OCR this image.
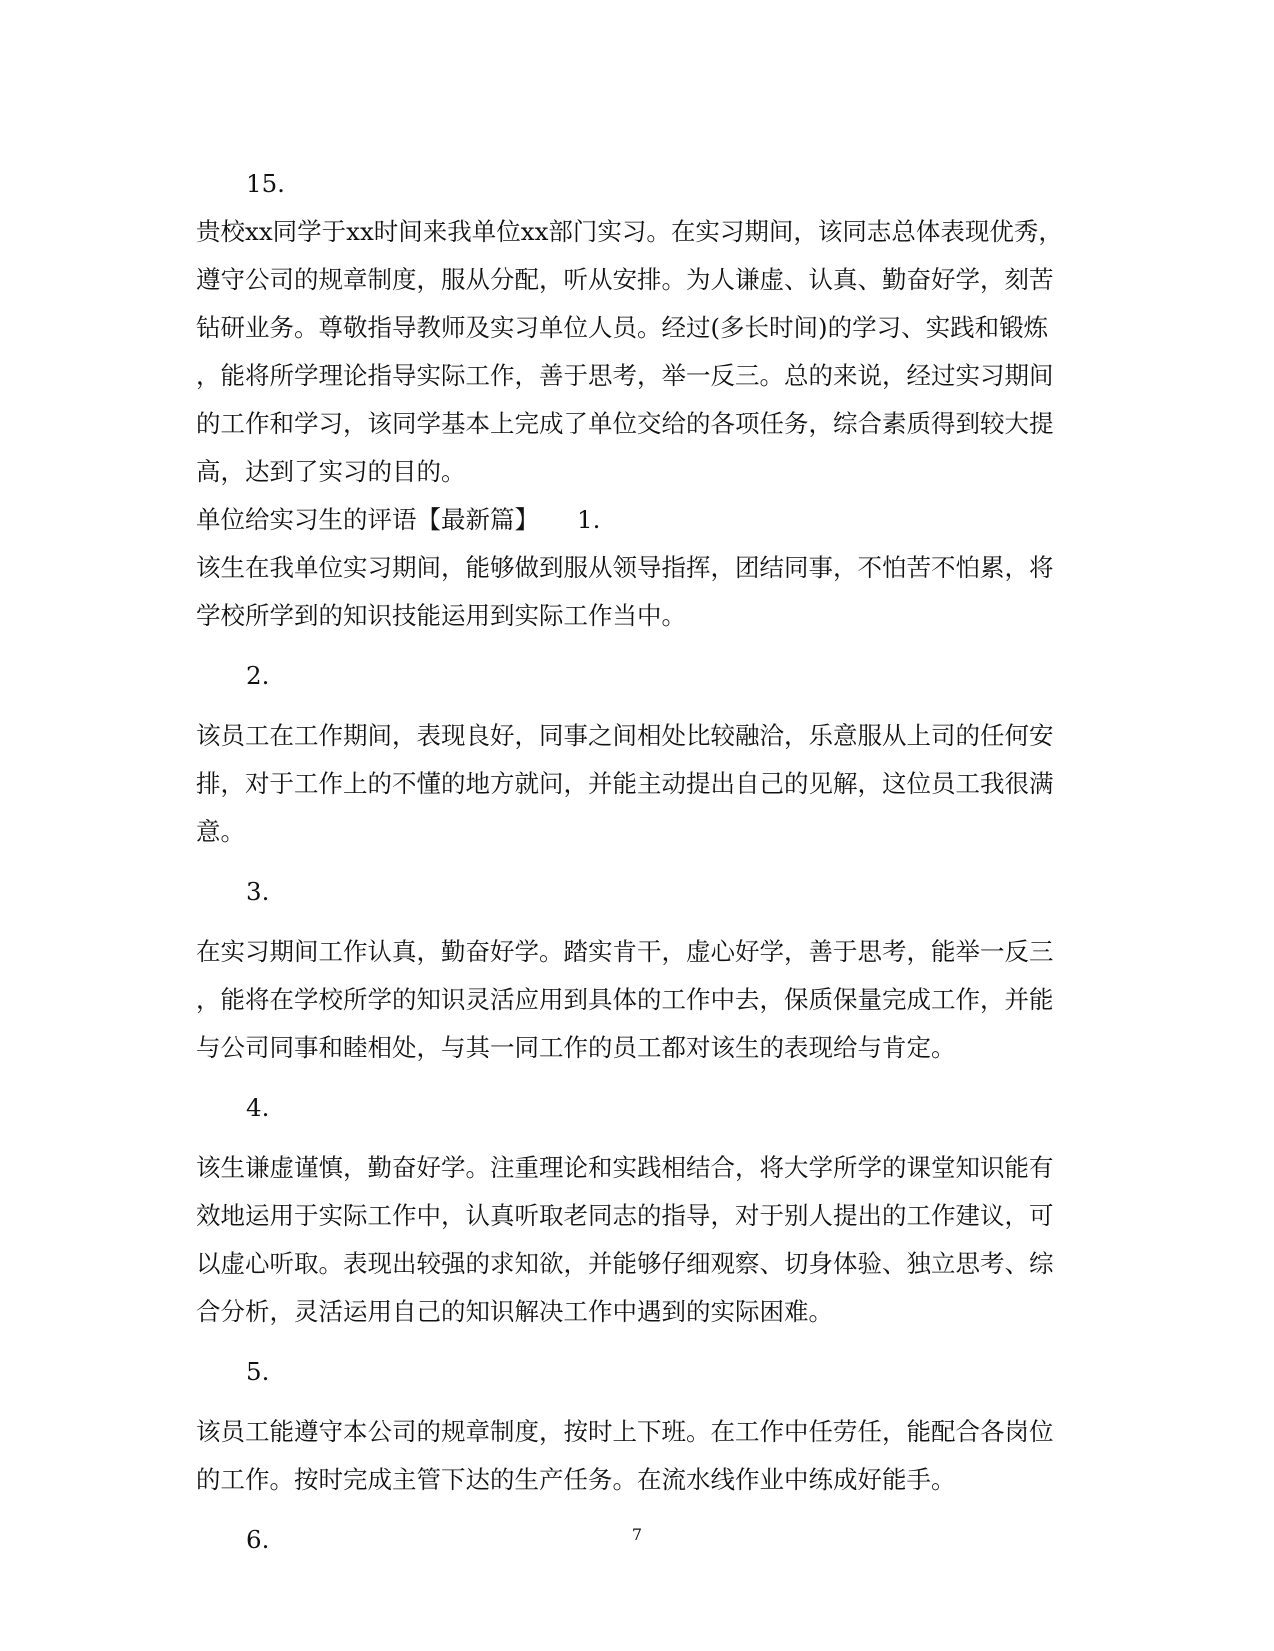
15.
贵校xx同学于xx时间来我单位xx部门实习。在实习期间，该同志总体表现优秀，
遵守公司的规章制度，服从分配，听从安排。为人谦虚、认真、勤奋好学，刻苦
钻研业务。尊敬指导教师及实习单位人员。经过(多长时间)的学习、实践和锻炼
，能将所学理论指导实际工作，善于思考，举一反三。总的来说，经过实习期间
的工作和学习，该同学基本上完成了单位交给的各项任务，综合素质得到较大提
高，达到了实习的目的。
单位给实习生的评语【最新篇】 1.
该生在我单位实习期间，能够做到服从领导指挥，团结同事，不怕苦不怕累，将
学校所学到的知识技能运用到实际工作当中。
2.
该员工在工作期间，表现良好，同事之间相处比较融洽，乐意服从上司的任何安
排，对于工作上的不懂的地方就问，并能主动提出自己的见解，这位员工我很满
意。
3.
在实习期间工作认真，勤奋好学。踏实肯干，虚心好学，善于思考，能举一反三
，能将在学校所学的知识灵活应用到具体的工作中去，保质保量完成工作，并能
与公司同事和睦相处，与其一同工作的员工都对该生的表现给与肯定。
4.
该生谦虚谨慎，勤奋好学。注重理论和实践相结合，将大学所学的课堂知识能有
效地运用于实际工作中，认真听取老同志的指导，对于别人提出的工作建议，可
以虚心听取。表现出较强的求知欲，并能够仔细观察、切身体验、独立思考、综
合分析，灵活运用自己的知识解决工作中遇到的实际困难。
5.
该员工能遵守本公司的规章制度，按时上下班。在工作中任劳任，能配合各岗位
的工作。按时完成主管下达的生产任务。在流水线作业中练成好能手。
6.	7
